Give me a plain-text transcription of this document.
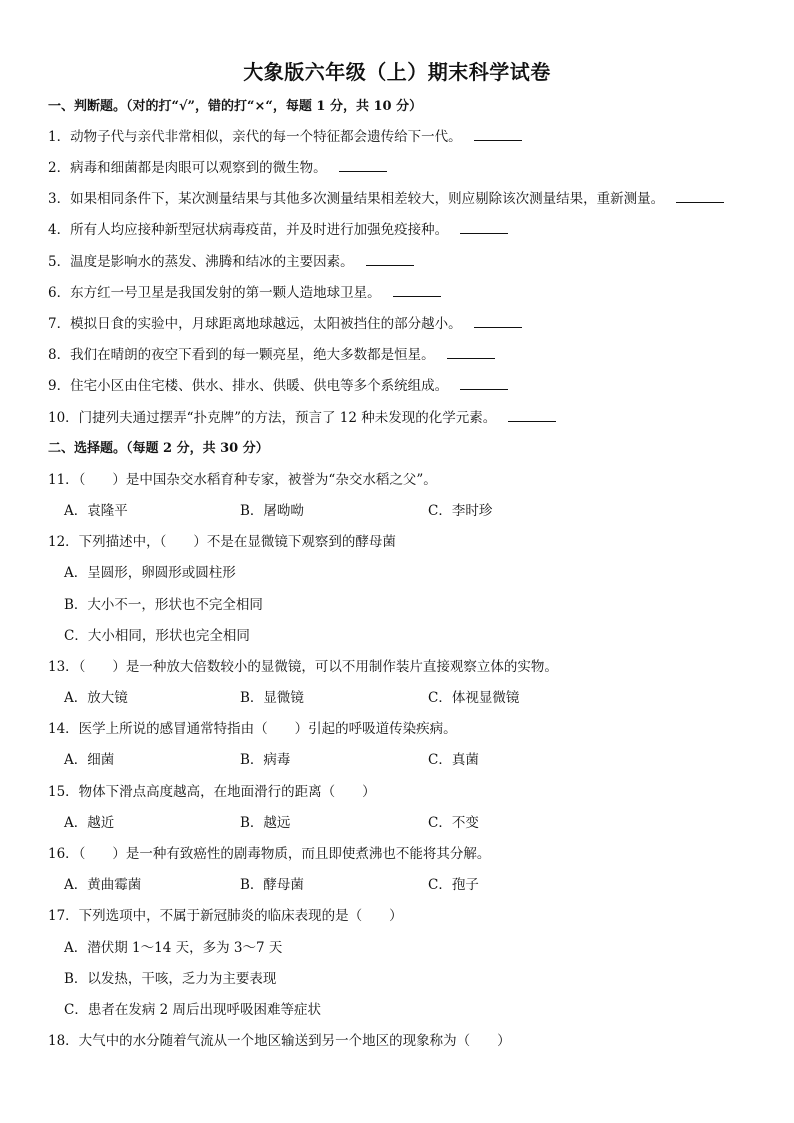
大象版六年级（上）期末科学试卷
一、判断题。（对的打“√”，错的打“×“，每题 1 分，共 10 分）
1．动物子代与亲代非常相似，亲代的每一个特征都会遗传给下一代。
2．病毒和细菌都是肉眼可以观察到的微生物。
3．如果相同条件下，某次测量结果与其他多次测量结果相差较大，则应剔除该次测量结果，重新测量。
4．所有人均应接种新型冠状病毒疫苗，并及时进行加强免疫接种。
5．温度是影响水的蒸发、沸腾和结冰的主要因素。
6．东方红一号卫星是我国发射的第一颗人造地球卫星。
7．模拟日食的实验中，月球距离地球越远，太阳被挡住的部分越小。
8．我们在晴朗的夜空下看到的每一颗亮星，绝大多数都是恒星。
9．住宅小区由住宅楼、供水、排水、供暖、供电等多个系统组成。
10．门捷列夫通过摆弄“扑克牌”的方法，预言了 12 种未发现的化学元素。
二、选择题。（每题 2 分，共 30 分）
11．（　　）是中国杂交水稻育种专家，被誉为“杂交水稻之父”。
A．袁隆平	B．屠呦呦	C．李时珍
12．下列描述中，（　　）不是在显微镜下观察到的酵母菌
A．呈圆形，卵圆形或圆柱形
B．大小不一，形状也不完全相同
C．大小相同，形状也完全相同
13．（　　）是一种放大倍数较小的显微镜，可以不用制作装片直接观察立体的实物。
A．放大镜	B．显微镜	C．体视显微镜
14．医学上所说的感冒通常特指由（　　）引起的呼吸道传染疾病。
A．细菌	B．病毒	C．真菌
15．物体下滑点高度越高，在地面滑行的距离（　　）
A．越近	B．越远	C．不变
16．（　　）是一种有致癌性的剧毒物质，而且即使煮沸也不能将其分解。
A．黄曲霉菌	B．酵母菌	C．孢子
17．下列选项中，不属于新冠肺炎的临床表现的是（　　）
A．潜伏期 1～14 天，多为 3～7 天
B．以发热，干咳，乏力为主要表现
C．患者在发病 2 周后出现呼吸困难等症状
18．大气中的水分随着气流从一个地区输送到另一个地区的现象称为（　　）
